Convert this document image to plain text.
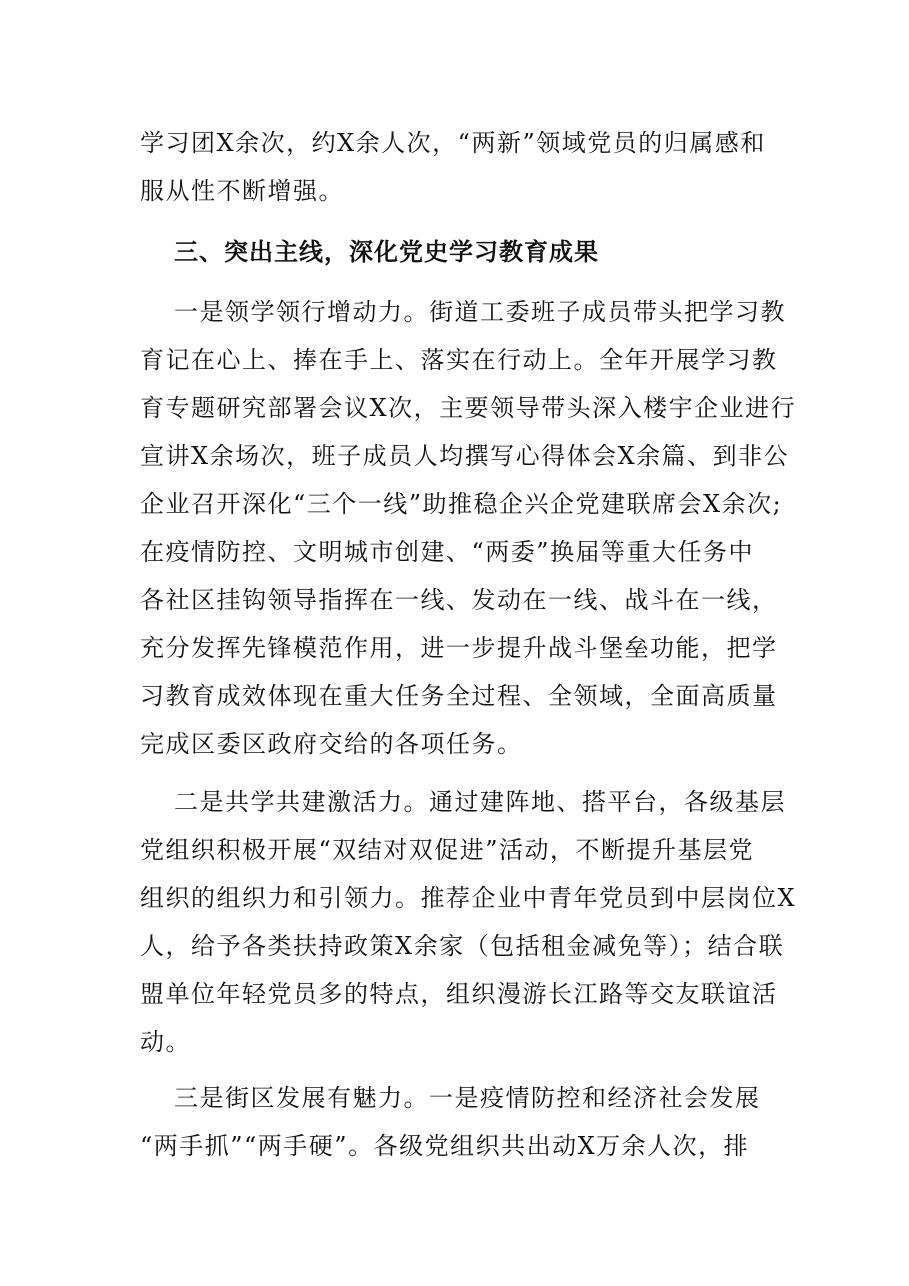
学习团X余次，约X余人次，“两新”领域党员的归属感和
服从性不断增强。
三、突出主线，深化党史学习教育成果
一是领学领行增动力。街道工委班子成员带头把学习教
育记在心上、捧在手上、落实在行动上。全年开展学习教
育专题研究部署会议X次，主要领导带头深入楼宇企业进行
宣讲X余场次，班子成员人均撰写心得体会X余篇、到非公
企业召开深化“三个一线”助推稳企兴企党建联席会X余次;
在疫情防控、文明城市创建、“两委”换届等重大任务中
各社区挂钩领导指挥在一线、发动在一线、战斗在一线，
充分发挥先锋模范作用，进一步提升战斗堡垒功能，把学
习教育成效体现在重大任务全过程、全领域，全面高质量
完成区委区政府交给的各项任务。
二是共学共建激活力。通过建阵地、搭平台，各级基层
党组织积极开展“双结对双促进”活动，不断提升基层党
组织的组织力和引领力。推荐企业中青年党员到中层岗位X
人，给予各类扶持政策X余家（包括租金减免等）；结合联
盟单位年轻党员多的特点，组织漫游长江路等交友联谊活
动。
三是街区发展有魅力。一是疫情防控和经济社会发展
“两手抓”“两手硬”。各级党组织共出动X万余人次，排
